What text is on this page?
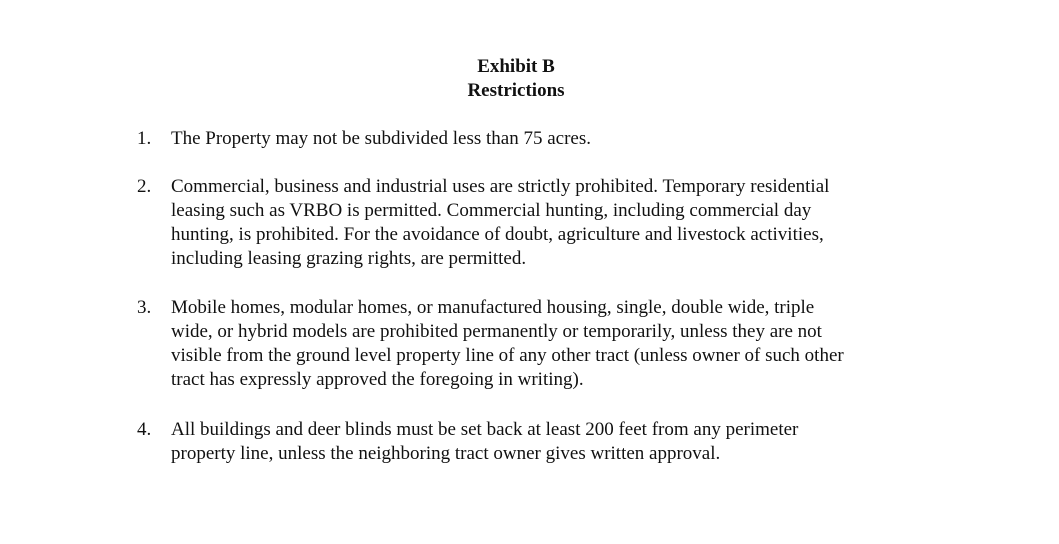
Exhibit B
Restrictions
1.	The Property may not be subdivided less than 75 acres.
2.	Commercial, business and industrial uses are strictly prohibited. Temporary residential
leasing such as VRBO is permitted. Commercial hunting, including commercial day
hunting, is prohibited. For the avoidance of doubt, agriculture and livestock activities,
including leasing grazing rights, are permitted.
3.	Mobile homes, modular homes, or manufactured housing, single, double wide, triple
wide, or hybrid models are prohibited permanently or temporarily, unless they are not
visible from the ground level property line of any other tract (unless owner of such other
tract has expressly approved the foregoing in writing).
4.	All buildings and deer blinds must be set back at least 200 feet from any perimeter
property line, unless the neighboring tract owner gives written approval.
